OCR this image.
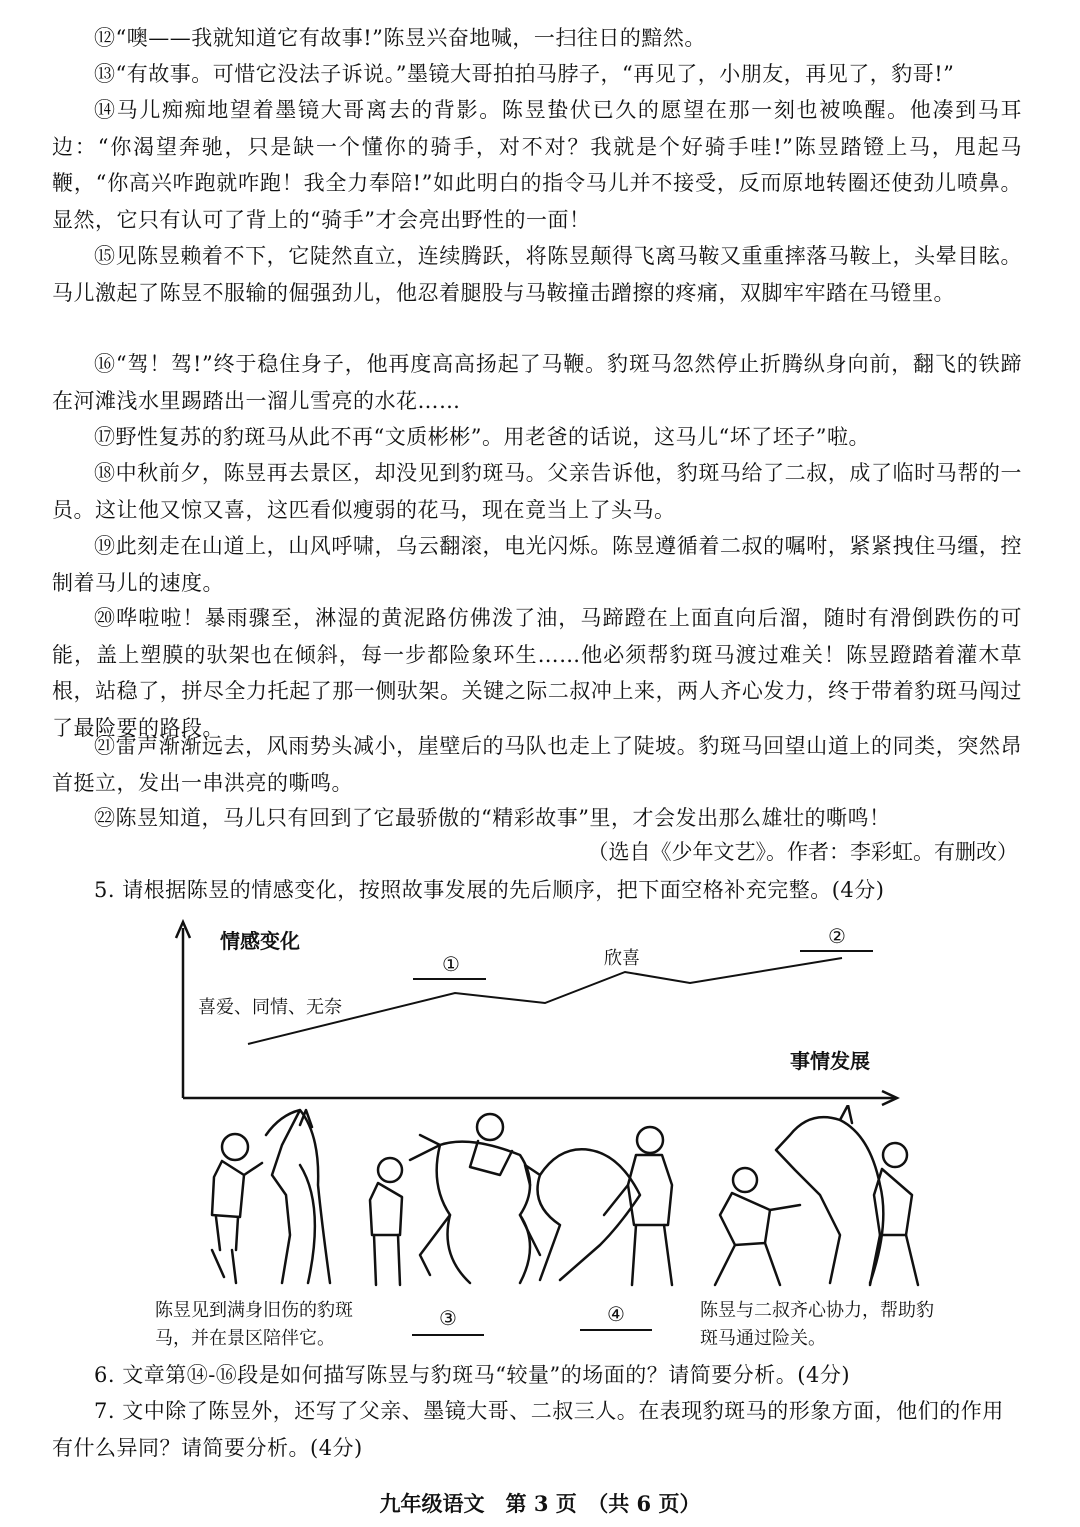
⑫“噢——我就知道它有故事!”陈昱兴奋地喊，一扫往日的黯然。

⑬“有故事。可惜它没法子诉说。”墨镜大哥拍拍马脖子，“再见了，小朋友，再见了，豹哥!”

⑭马儿痴痴地望着墨镜大哥离去的背影。陈昱蛰伏已久的愿望在那一刻也被唤醒。他凑到马耳边：“你渴望奔驰，只是缺一个懂你的骑手，对不对？我就是个好骑手哇!”陈昱踏镫上马，甩起马鞭，“你高兴咋跑就咋跑！我全力奉陪!”如此明白的指令马儿并不接受，反而原地转圈还使劲儿喷鼻。显然，它只有认可了背上的“骑手”才会亮出野性的一面！

⑮见陈昱赖着不下，它陡然直立，连续腾跃，将陈昱颠得飞离马鞍又重重摔落马鞍上，头晕目眩。马儿激起了陈昱不服输的倔强劲儿，他忍着腿股与马鞍撞击蹭擦的疼痛，双脚牢牢踏在马镫里。

⑯“驾！驾!”终于稳住身子，他再度高高扬起了马鞭。豹斑马忽然停止折腾纵身向前，翻飞的铁蹄在河滩浅水里踢踏出一溜儿雪亮的水花……

⑰野性复苏的豹斑马从此不再“文质彬彬”。用老爸的话说，这马儿“坏了坯子”啦。

⑱中秋前夕，陈昱再去景区，却没见到豹斑马。父亲告诉他，豹斑马给了二叔，成了临时马帮的一员。这让他又惊又喜，这匹看似瘦弱的花马，现在竟当上了头马。

⑲此刻走在山道上，山风呼啸，乌云翻滚，电光闪烁。陈昱遵循着二叔的嘱咐，紧紧拽住马缰，控制着马儿的速度。

⑳哗啦啦！暴雨骤至，淋湿的黄泥路仿佛泼了油，马蹄蹬在上面直向后溜，随时有滑倒跌伤的可能，盖上塑膜的驮架也在倾斜，每一步都险象环生……他必须帮豹斑马渡过难关！陈昱蹬踏着灌木草根，站稳了，拼尽全力托起了那一侧驮架。关键之际二叔冲上来，两人齐心发力，终于带着豹斑马闯过了最险要的路段。

㉑雷声渐渐远去，风雨势头减小，崖壁后的马队也走上了陡坡。豹斑马回望山道上的同类，突然昂首挺立，发出一串洪亮的嘶鸣。

㉒陈昱知道，马儿只有回到了它最骄傲的“精彩故事”里，才会发出那么雄壮的嘶鸣！

（选自《少年文艺》。作者：李彩虹。有删改）

5. 请根据陈昱的情感变化，按照故事发展的先后顺序，把下面空格补充完整。(4分)

情感变化
事情发展
喜爱、同情、无奈
①	欣喜
②
陈昱见到满身旧伤的豹斑马，并在景区陪伴它。
③	④	陈昱与二叔齐心协力，帮助豹斑马通过险关。

6. 文章第⑭-⑯段是如何描写陈昱与豹斑马“较量”的场面的？请简要分析。(4分)

7. 文中除了陈昱外，还写了父亲、墨镜大哥、二叔三人。在表现豹斑马的形象方面，他们的作用有什么异同？请简要分析。(4分)

九年级语文　第 3 页　（共 6 页）
